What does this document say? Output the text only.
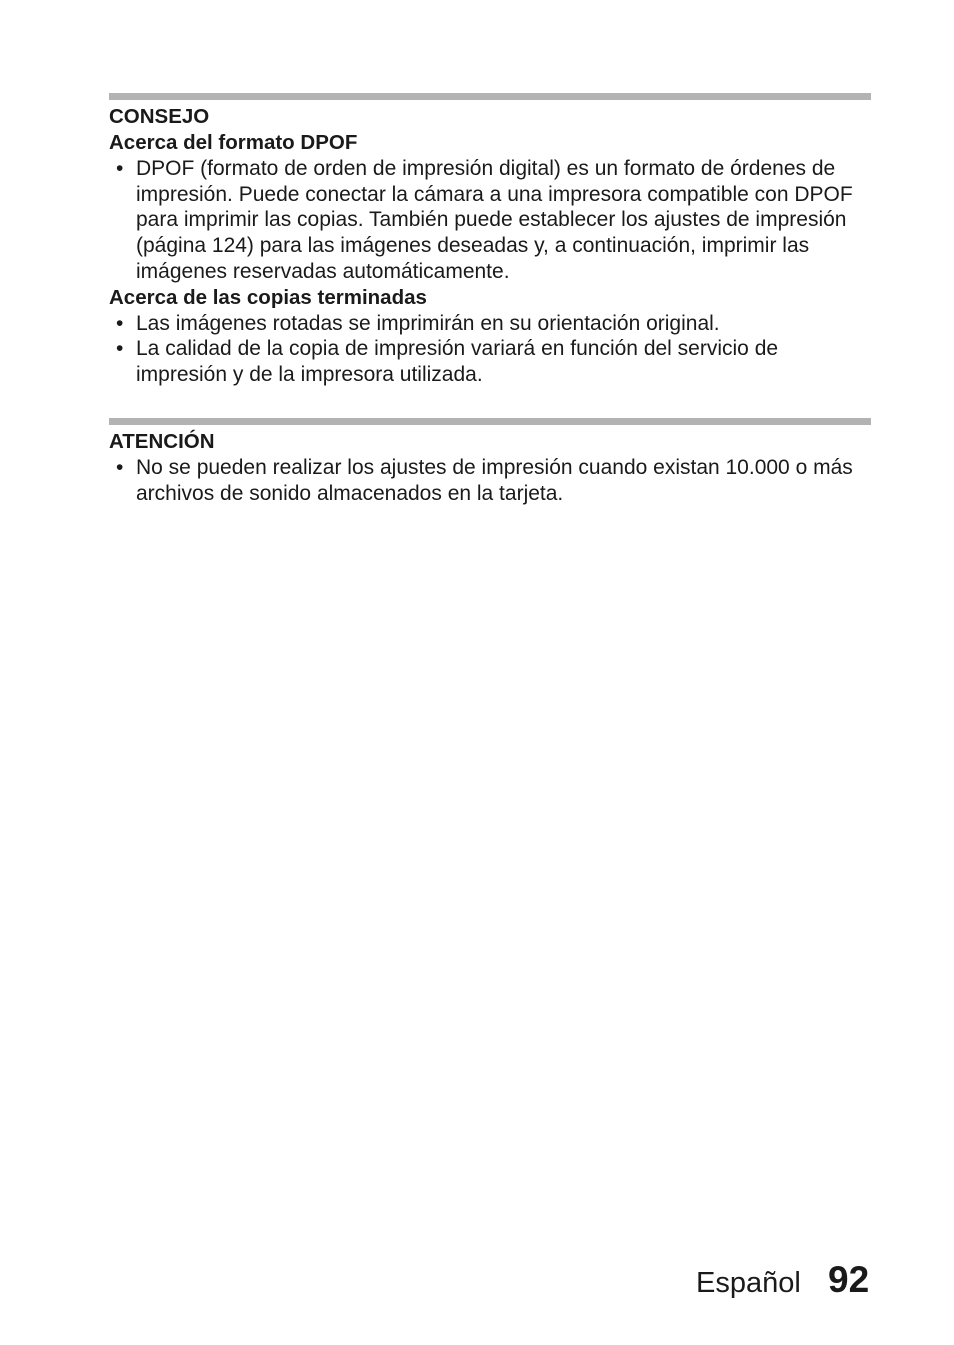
CONSEJO

Acerca del formato DPOF

• DPOF (formato de orden de impresión digital) es un formato de órdenes de impresión. Puede conectar la cámara a una impresora compatible con DPOF para imprimir las copias. También puede establecer los ajustes de impresión (página 124) para las imágenes deseadas y, a continuación, imprimir las imágenes reservadas automáticamente.

Acerca de las copias terminadas

• Las imágenes rotadas se imprimirán en su orientación original.
• La calidad de la copia de impresión variará en función del servicio de impresión y de la impresora utilizada.

ATENCIÓN

• No se pueden realizar los ajustes de impresión cuando existan 10.000 o más archivos de sonido almacenados en la tarjeta.
Español 92
